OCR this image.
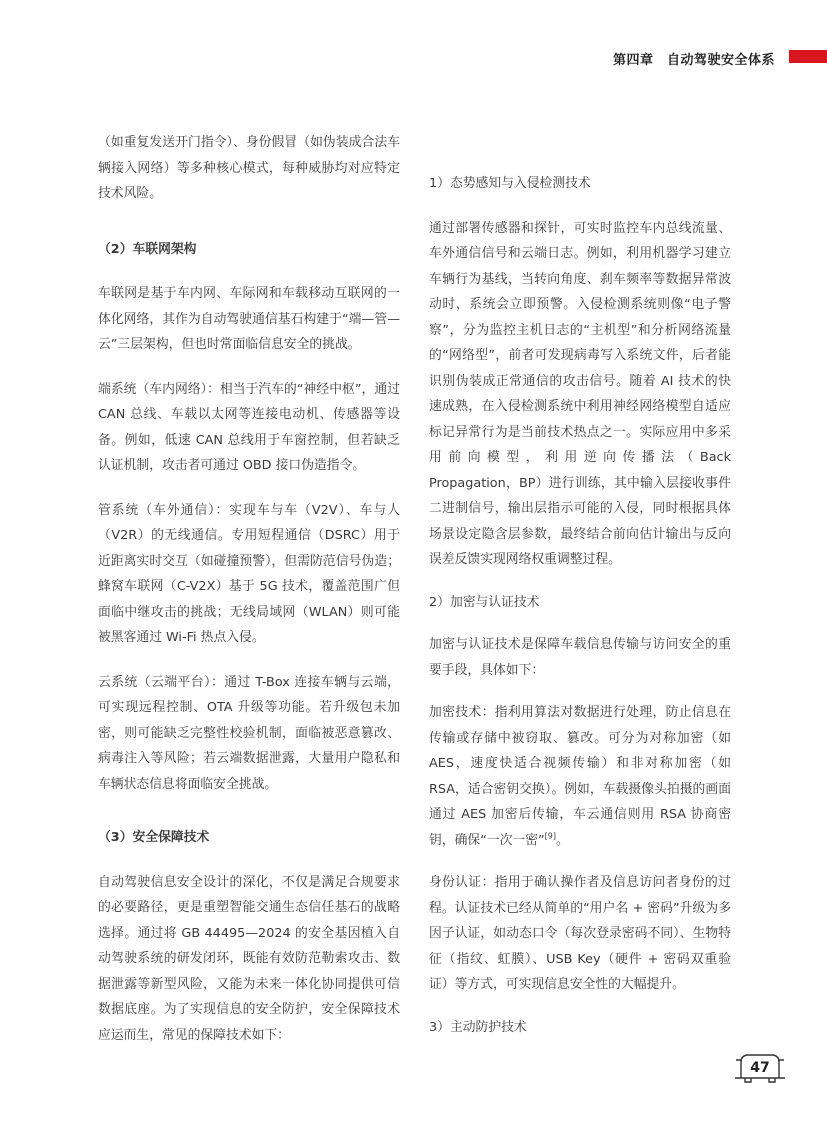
第四章　自动驾驶安全体系

（如重复发送开门指令）、身份假冒（如伪装成合法车辆接入网络）等多种核心模式，每种威胁均对应特定技术风险。

（2）车联网架构

车联网是基于车内网、车际网和车载移动互联网的一体化网络，其作为自动驾驶通信基石构建于“端—管—云”三层架构，但也时常面临信息安全的挑战。

端系统（车内网络）：相当于汽车的“神经中枢”，通过 CAN 总线、车载以太网等连接电动机、传感器等设备。例如，低速 CAN 总线用于车窗控制，但若缺乏认证机制，攻击者可通过 OBD 接口伪造指令。

管系统（车外通信）：实现车与车（V2V）、车与人（V2R）的无线通信。专用短程通信（DSRC）用于近距离实时交互（如碰撞预警），但需防范信号伪造；蜂窝车联网（C-V2X）基于 5G 技术，覆盖范围广但面临中继攻击的挑战；无线局域网（WLAN）则可能被黑客通过 Wi-Fi 热点入侵。

云系统（云端平台）：通过 T-Box 连接车辆与云端，可实现远程控制、OTA 升级等功能。若升级包未加密，则可能缺乏完整性校验机制，面临被恶意篡改、病毒注入等风险；若云端数据泄露，大量用户隐私和车辆状态信息将面临安全挑战。

（3）安全保障技术

自动驾驶信息安全设计的深化，不仅是满足合规要求的必要路径，更是重塑智能交通生态信任基石的战略选择。通过将 GB 44495—2024 的安全基因植入自动驾驶系统的研发闭环，既能有效防范勒索攻击、数据泄露等新型风险，又能为未来一体化协同提供可信数据底座。为了实现信息的安全防护，安全保障技术应运而生，常见的保障技术如下：

1）态势感知与入侵检测技术

通过部署传感器和探针，可实时监控车内总线流量、车外通信信号和云端日志。例如，利用机器学习建立车辆行为基线，当转向角度、刹车频率等数据异常波动时，系统会立即预警。入侵检测系统则像“电子警察”，分为监控主机日志的“主机型”和分析网络流量的“网络型”，前者可发现病毒写入系统文件，后者能识别伪装成正常通信的攻击信号。随着 AI 技术的快速成熟，在入侵检测系统中利用神经网络模型自适应标记异常行为是当前技术热点之一。实际应用中多采用前向模型，利用逆向传播法（Back Propagation，BP）进行训练，其中输入层接收事件二进制信号，输出层指示可能的入侵，同时根据具体场景设定隐含层参数，最终结合前向估计输出与反向误差反馈实现网络权重调整过程。

2）加密与认证技术

加密与认证技术是保障车载信息传输与访问安全的重要手段，具体如下：

加密技术：指利用算法对数据进行处理，防止信息在传输或存储中被窃取、篡改。可分为对称加密（如 AES，速度快适合视频传输）和非对称加密（如 RSA，适合密钥交换）。例如，车载摄像头拍摄的画面通过 AES 加密后传输，车云通信则用 RSA 协商密钥，确保“一次一密”[9]。

身份认证：指用于确认操作者及信息访问者身份的过程。认证技术已经从简单的“用户名 + 密码”升级为多因子认证，如动态口令（每次登录密码不同）、生物特征（指纹、虹膜）、USB Key（硬件 + 密码双重验证）等方式，可实现信息安全性的大幅提升。

3）主动防护技术

47
